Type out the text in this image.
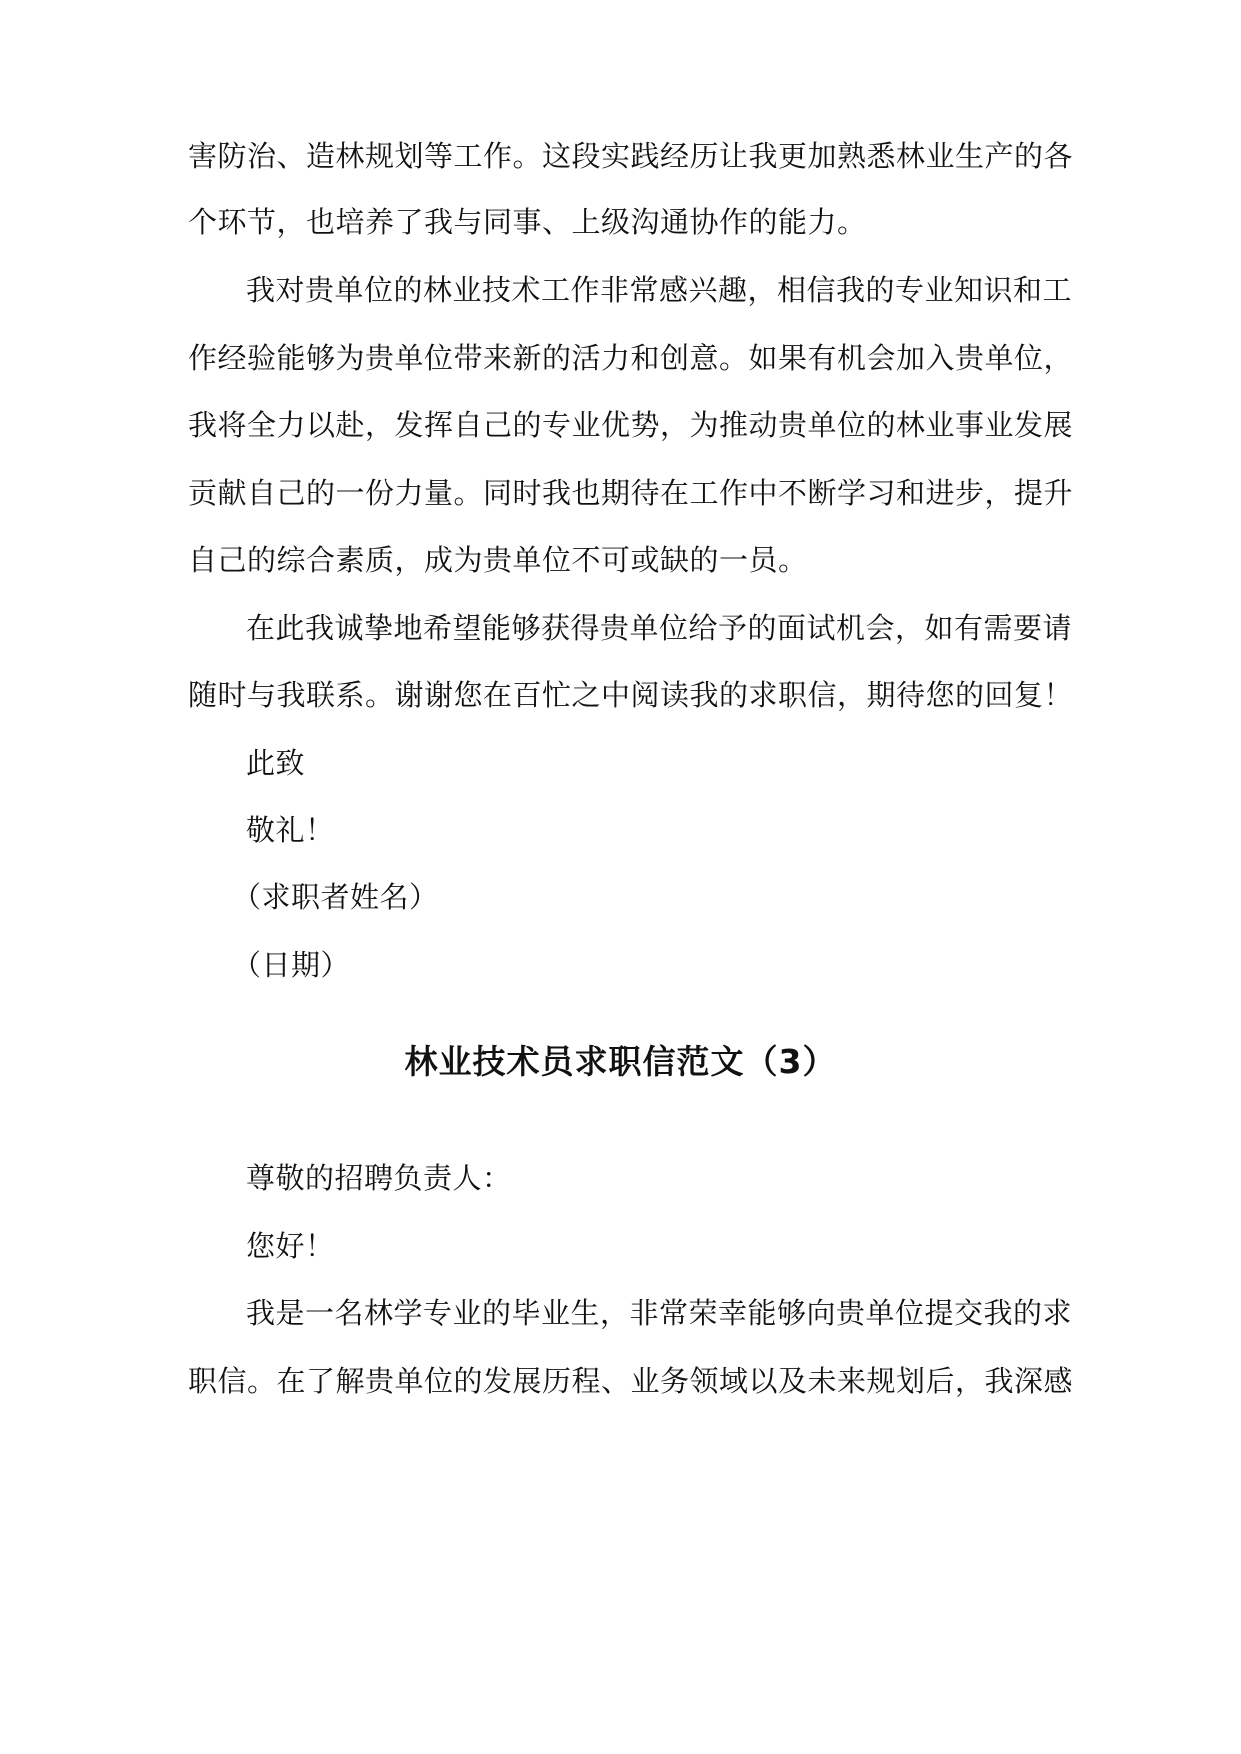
害防治、造林规划等工作。这段实践经历让我更加熟悉林业生产的各
个环节，也培养了我与同事、上级沟通协作的能力。
我对贵单位的林业技术工作非常感兴趣，相信我的专业知识和工
作经验能够为贵单位带来新的活力和创意。如果有机会加入贵单位，
我将全力以赴，发挥自己的专业优势，为推动贵单位的林业事业发展
贡献自己的一份力量。同时我也期待在工作中不断学习和进步，提升
自己的综合素质，成为贵单位不可或缺的一员。
在此我诚挚地希望能够获得贵单位给予的面试机会，如有需要请
随时与我联系。谢谢您在百忙之中阅读我的求职信，期待您的回复！
此致
敬礼！
（求职者姓名）
（日期）
林业技术员求职信范文（3）
尊敬的招聘负责人：
您好！
我是一名林学专业的毕业生，非常荣幸能够向贵单位提交我的求
职信。在了解贵单位的发展历程、业务领域以及未来规划后，我深感
